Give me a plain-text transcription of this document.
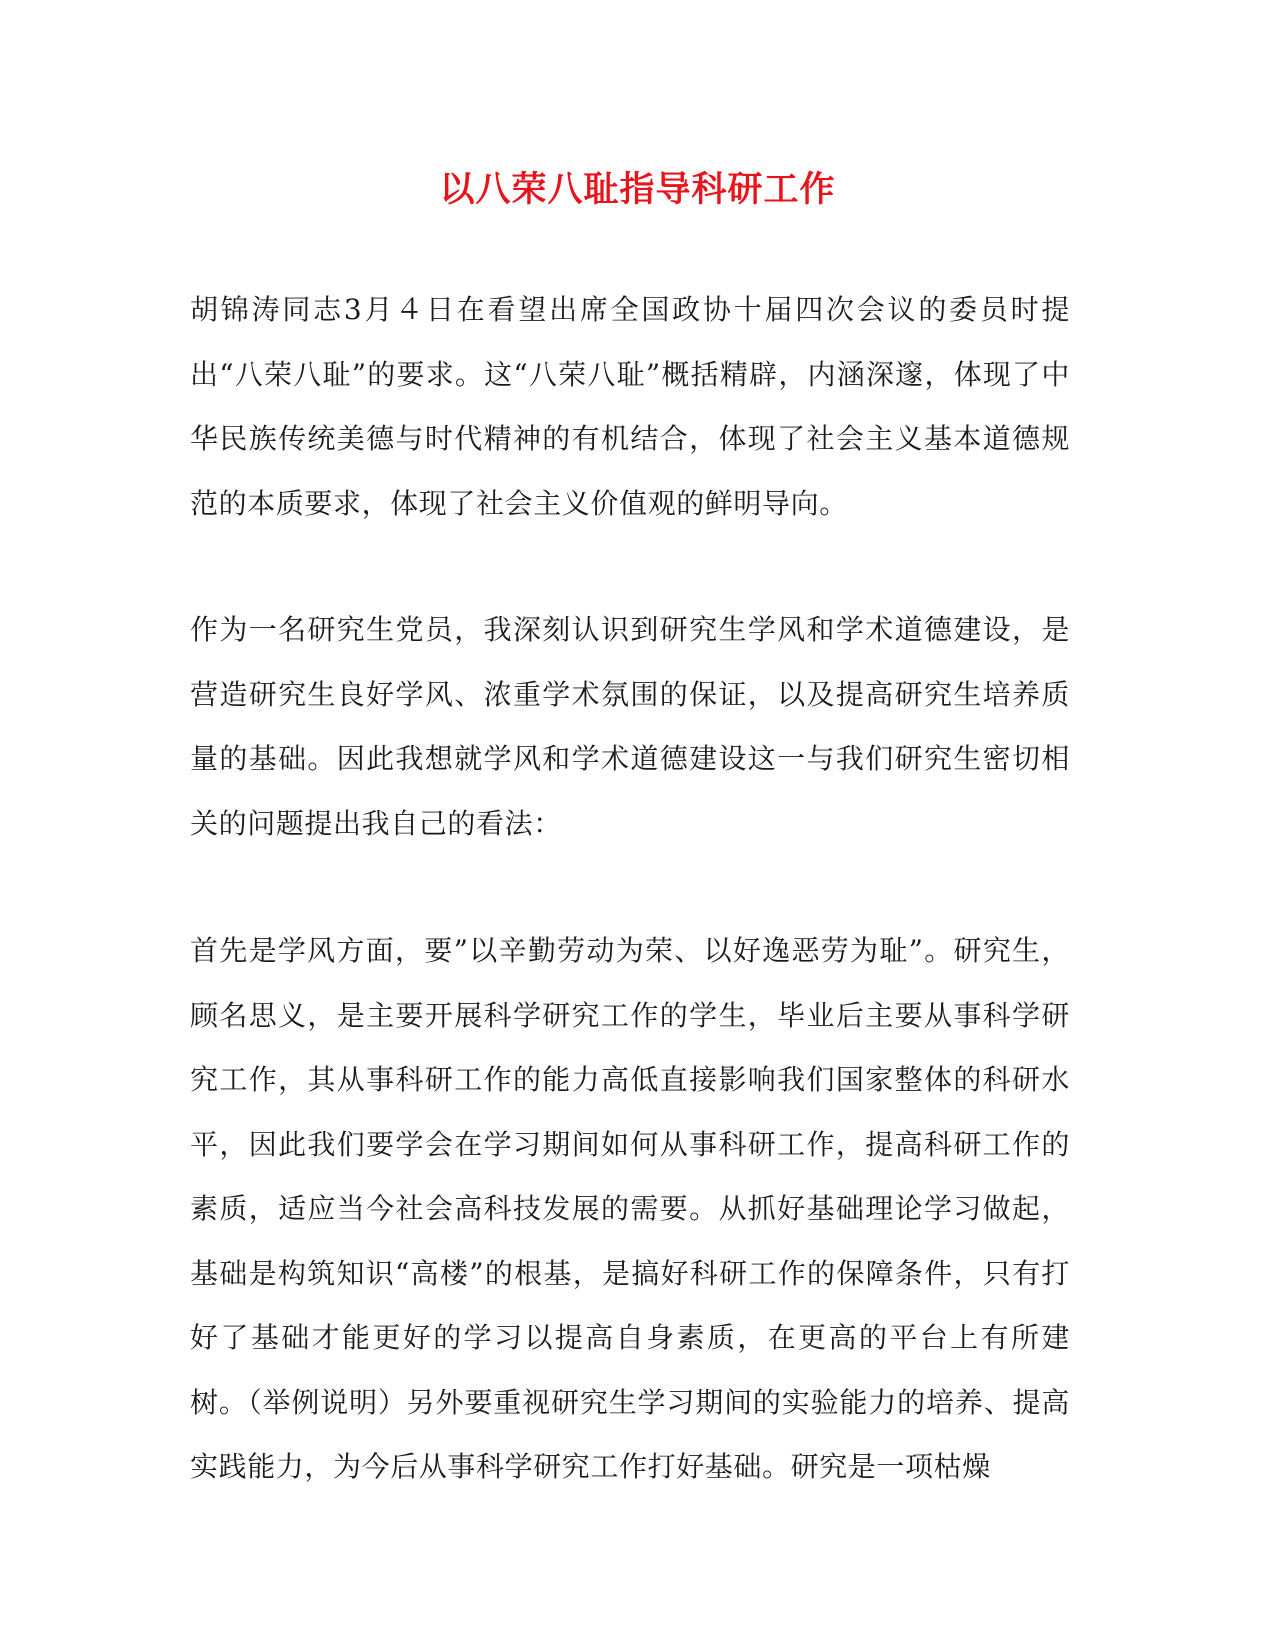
以八荣八耻指导科研工作

胡锦涛同志3月４日在看望出席全国政协十届四次会议的委员时提出“八荣八耻”的要求。这“八荣八耻”概括精辟，内涵深邃，体现了中华民族传统美德与时代精神的有机结合，体现了社会主义基本道德规范的本质要求，体现了社会主义价值观的鲜明导向。

作为一名研究生党员，我深刻认识到研究生学风和学术道德建设，是营造研究生良好学风、浓重学术氛围的保证，以及提高研究生培养质量的基础。因此我想就学风和学术道德建设这一与我们研究生密切相关的问题提出我自己的看法：

首先是学风方面，要”以辛勤劳动为荣、以好逸恶劳为耻”。研究生，顾名思义，是主要开展科学研究工作的学生，毕业后主要从事科学研究工作，其从事科研工作的能力高低直接影响我们国家整体的科研水平，因此我们要学会在学习期间如何从事科研工作，提高科研工作的素质，适应当今社会高科技发展的需要。从抓好基础理论学习做起，基础是构筑知识“高楼”的根基，是搞好科研工作的保障条件，只有打好了基础才能更好的学习以提高自身素质，在更高的平台上有所建树。（举例说明）另外要重视研究生学习期间的实验能力的培养、提高实践能力，为今后从事科学研究工作打好基础。研究是一项枯燥
